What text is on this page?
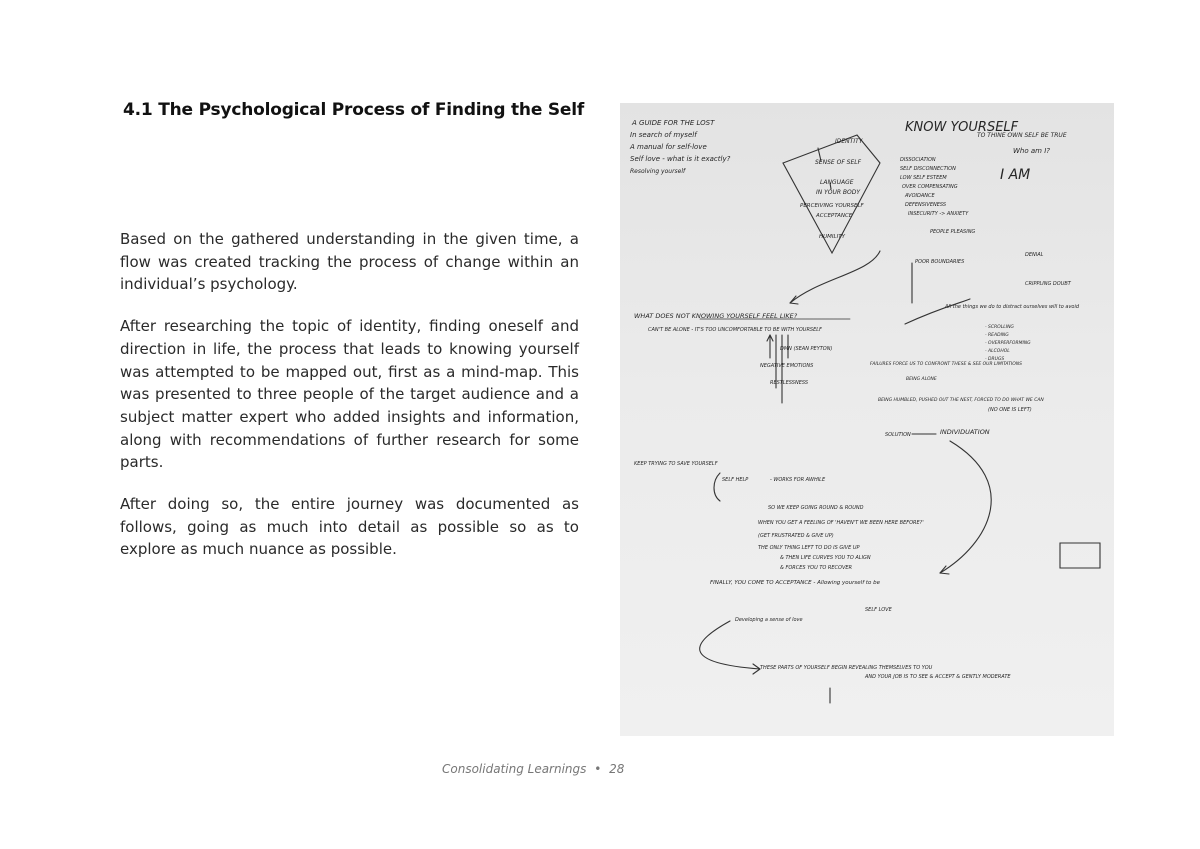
4.1 The Psychological Process of Finding the Self

Based on the gathered understanding in the given time, a flow was created tracking the process of change within an individual’s psychology.

After researching the topic of identity, finding oneself and direction in life, the process that leads to knowing yourself was attempted to be mapped out, first as a mind-map. This was presented to three people of the target audience and a subject matter expert who added insights and information, along with recommendations of further research for some parts.

After doing so, the entire journey was documented as follows, going as much into detail as possible so as to explore as much nuance as possible.

A GUIDE FOR THE LOST
In search of myself
A manual for self-love
Self love - what is it exactly?
Resolving yourself
IDENTITY
SENSE OF SELF
LANGUAGE
IN YOUR BODY
PERCEIVING YOURSELF
ACCEPTANCE
HUMILITY
KNOW YOURSELF
TO THINE OWN SELF BE TRUE
Who am I?
I AM
DISSOCIATION
SELF DISCONNECTION
LOW SELF ESTEEM
OVER COMPENSATING
AVOIDANCE
DEFENSIVENESS
INSECURITY -> ANXIETY
PEOPLE PLEASING
POOR BOUNDARIES
DENIAL
CRIPPLING DOUBT
WHAT DOES NOT KNOWING YOURSELF FEEL LIKE?
CAN'T BE ALONE - IT'S TOO UNCOMFORTABLE TO BE WITH YOURSELF
DMN (SEAN PEYTON)
NEGATIVE EMOTIONS
RESTLESSNESS
All the things we do to distract ourselves will to avoid
- SCROLLING
- READING
- OVERPERFORMING
- ALCOHOL
- DRUGS
FAILURES FORCE US TO CONFRONT THESE & SEE OUR LIMITATIONS
BEING ALONE
BEING HUMBLED, PUSHED OUT THE NEST, FORCED TO DO WHAT WE CAN
(NO ONE IS LEFT)
SOLUTION	INDIVIDUATION
KEEP TRYING TO SAVE YOURSELF
SELF HELP	- WORKS FOR AWHILE
SO WE KEEP GOING ROUND & ROUND
WHEN YOU GET A FEELING OF 'HAVEN'T WE BEEN HERE BEFORE?'
(GET FRUSTRATED & GIVE UP)
THE ONLY THING LEFT TO DO IS GIVE UP
& THEN LIFE CURVES YOU TO ALIGN
& FORCES YOU TO RECOVER
FINALLY, YOU COME TO ACCEPTANCE - Allowing yourself to be
SELF LOVE
Developing a sense of love
THESE PARTS OF YOURSELF BEGIN REVEALING THEMSELVES TO YOU
AND YOUR JOB IS TO SEE & ACCEPT & GENTLY MODERATE
Consolidating Learnings • 28
